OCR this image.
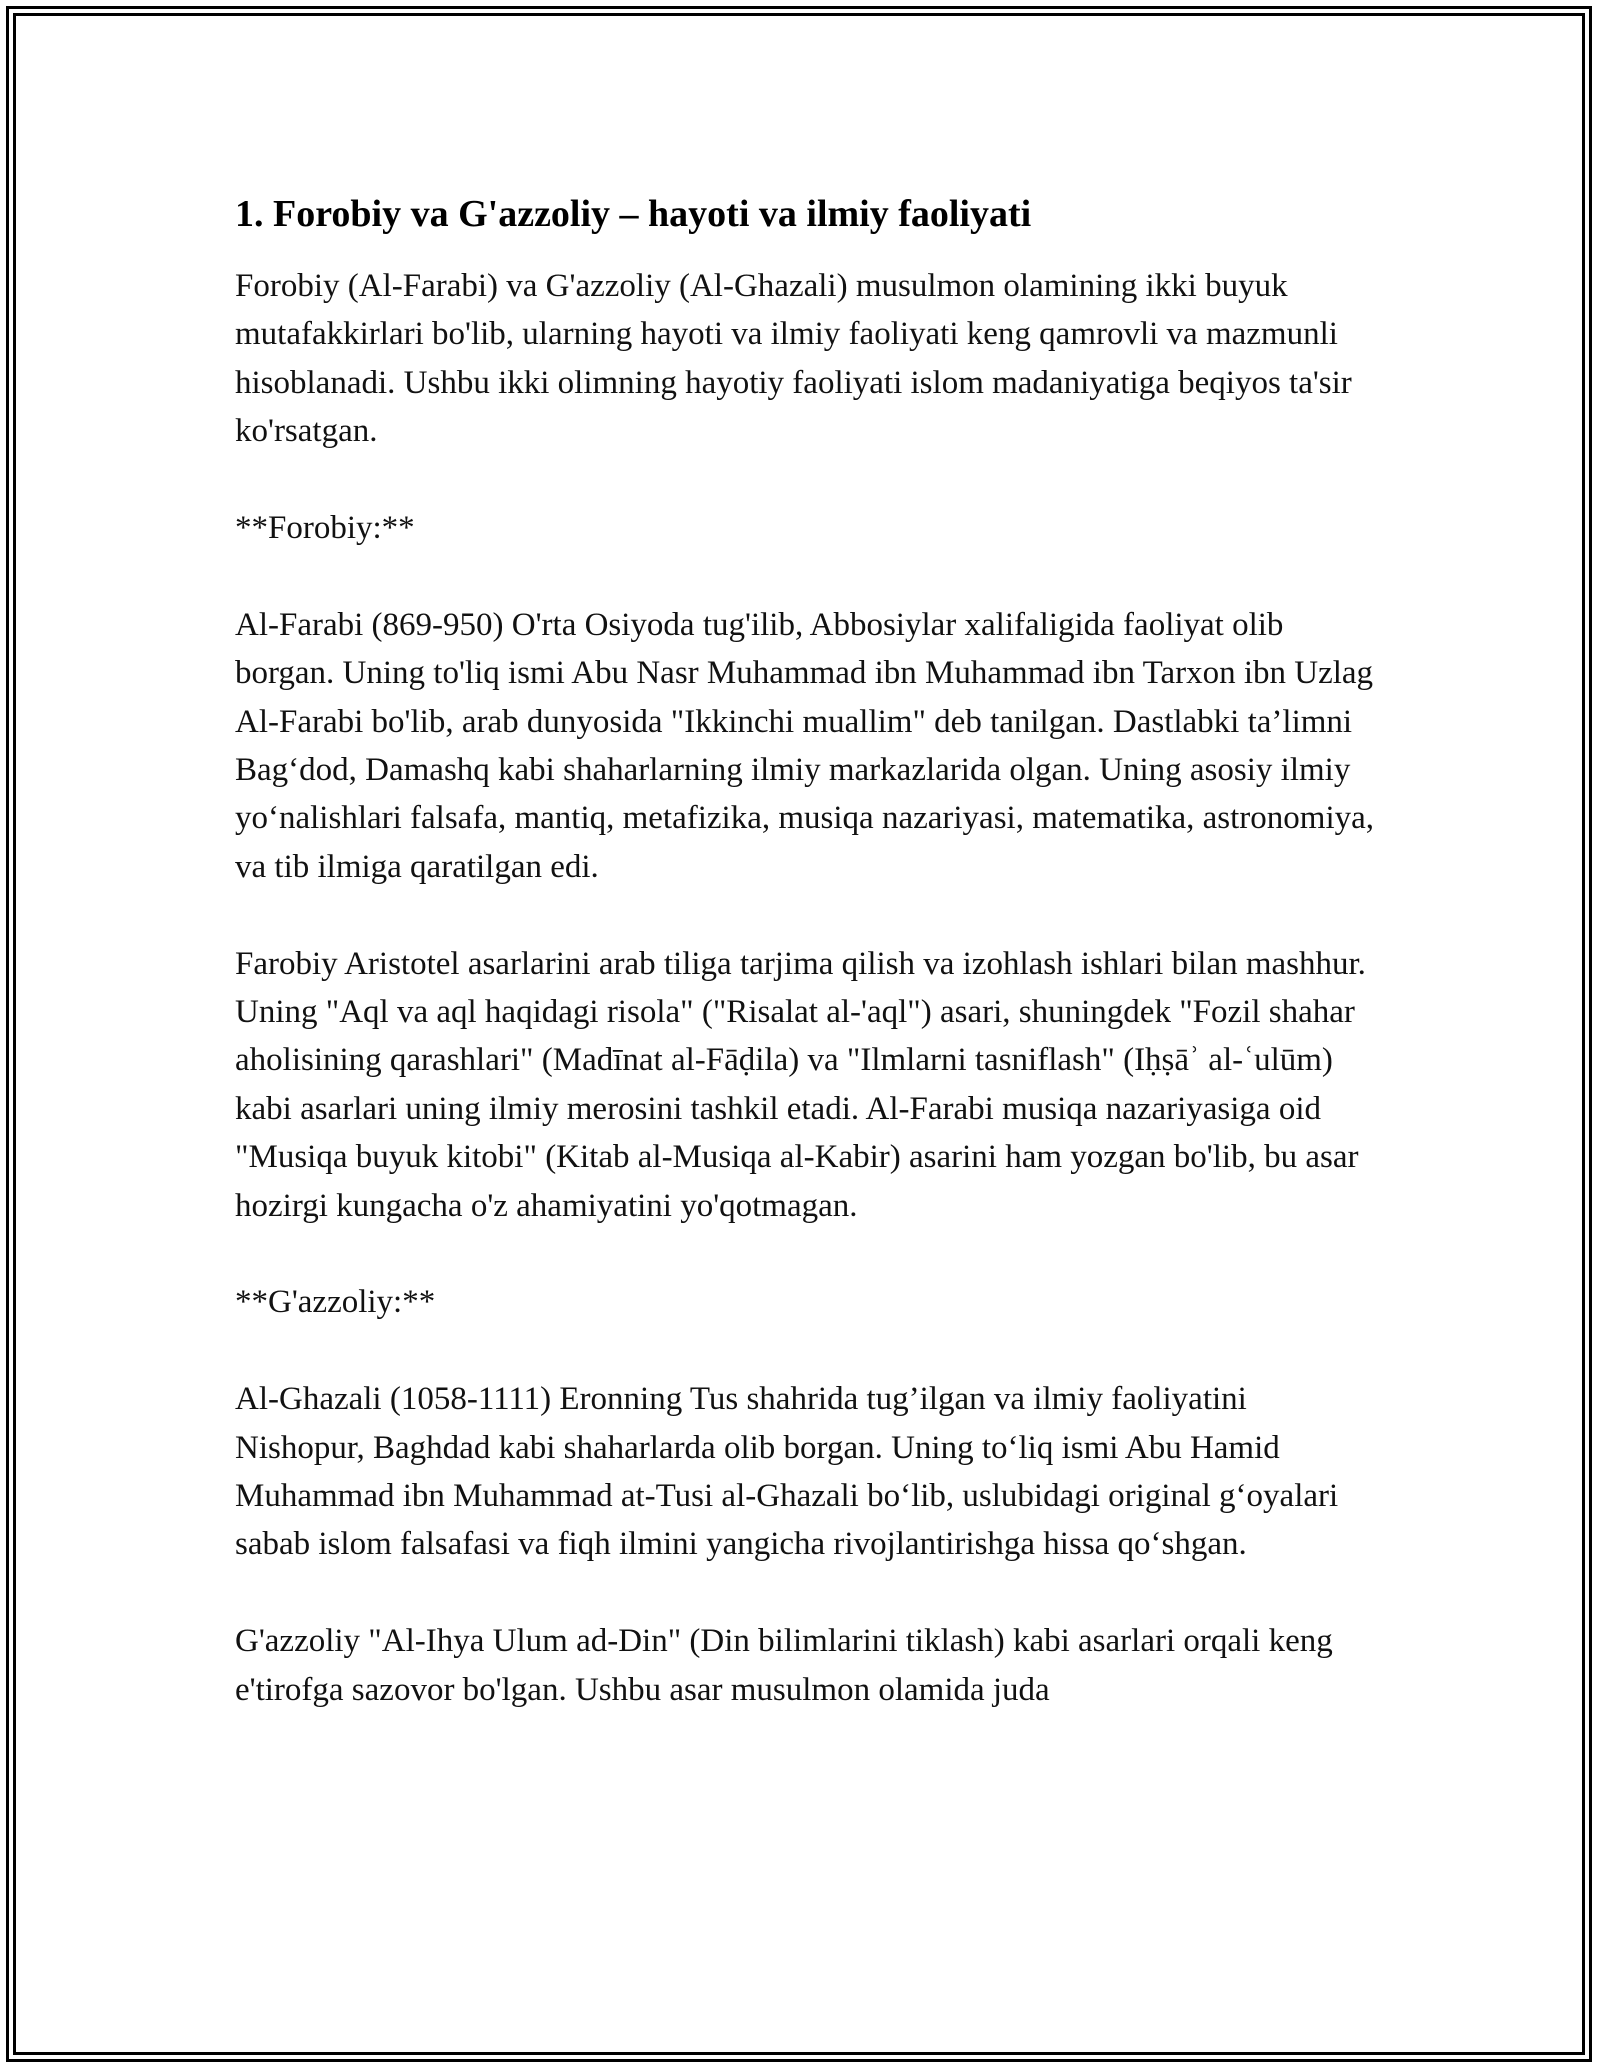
1. Forobiy va G'azzoliy – hayoti va ilmiy faoliyati

Forobiy (Al-Farabi) va G'azzoliy (Al-Ghazali) musulmon olamining ikki buyuk mutafakkirlari bo'lib, ularning hayoti va ilmiy faoliyati keng qamrovli va mazmunli hisoblanadi. Ushbu ikki olimning hayotiy faoliyati islom madaniyatiga beqiyos ta'sir ko'rsatgan.

**Forobiy:**

Al-Farabi (869-950) O'rta Osiyoda tug'ilib, Abbosiylar xalifaligida faoliyat olib borgan. Uning to'liq ismi Abu Nasr Muhammad ibn Muhammad ibn Tarxon ibn Uzlag Al-Farabi bo'lib, arab dunyosida "Ikkinchi muallim" deb tanilgan. Dastlabki ta’limni Bag‘dod, Damashq kabi shaharlarning ilmiy markazlarida olgan. Uning asosiy ilmiy yo‘nalishlari falsafa, mantiq, metafizika, musiqa nazariyasi, matematika, astronomiya, va tib ilmiga qaratilgan edi.

Farobiy Aristotel asarlarini arab tiliga tarjima qilish va izohlash ishlari bilan mashhur. Uning "Aql va aql haqidagi risola" ("Risalat al-'aql") asari, shuningdek "Fozil shahar aholisining qarashlari" (Madīnat al-Fāḍila) va "Ilmlarni tasniflash" (Iḥṣāʾ al-ʿulūm) kabi asarlari uning ilmiy merosini tashkil etadi. Al-Farabi musiqa nazariyasiga oid "Musiqa buyuk kitobi" (Kitab al-Musiqa al-Kabir) asarini ham yozgan bo'lib, bu asar hozirgi kungacha o'z ahamiyatini yo'qotmagan.

**G'azzoliy:**

Al-Ghazali (1058-1111) Eronning Tus shahrida tug’ilgan va ilmiy faoliyatini Nishopur, Baghdad kabi shaharlarda olib borgan. Uning to‘liq ismi Abu Hamid Muhammad ibn Muhammad at-Tusi al-Ghazali bo‘lib, uslubidagi original g‘oyalari sabab islom falsafasi va fiqh ilmini yangicha rivojlantirishga hissa qo‘shgan.

G'azzoliy "Al-Ihya Ulum ad-Din" (Din bilimlarini tiklash) kabi asarlari orqali keng e'tirofga sazovor bo'lgan. Ushbu asar musulmon olamida juda
